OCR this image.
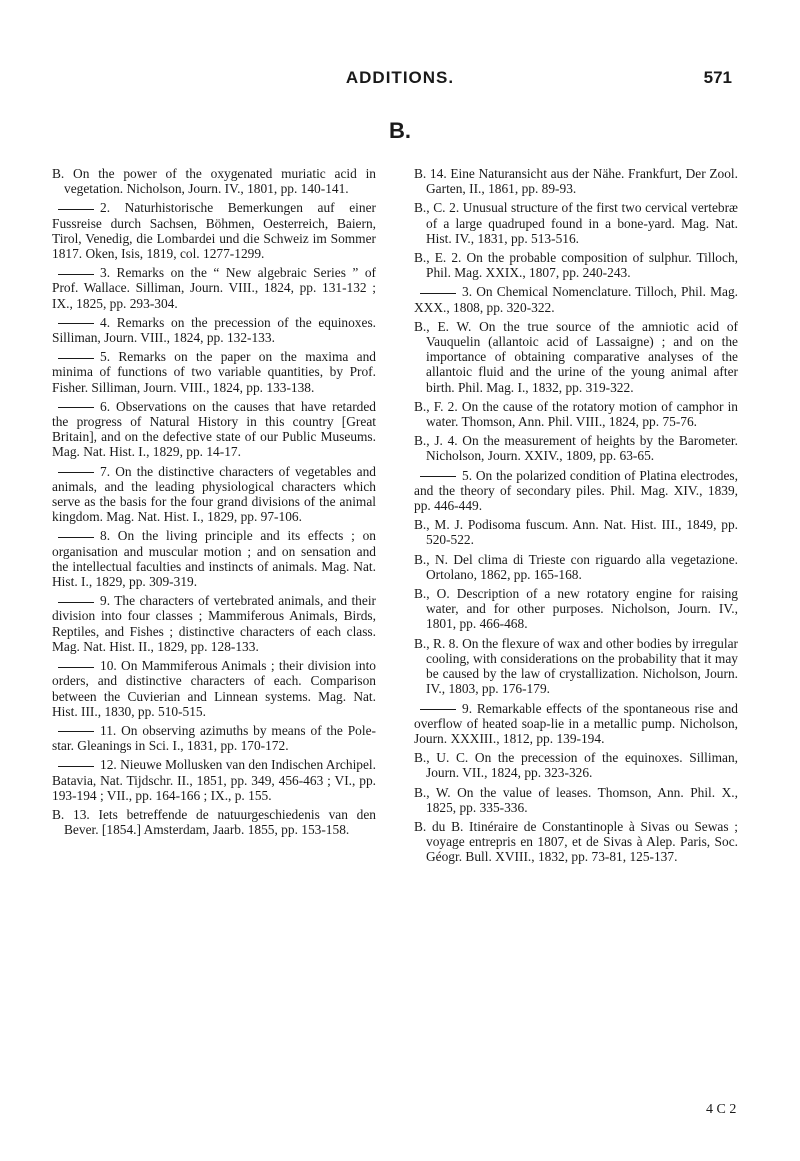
ADDITIONS.	571
B.

B. On the power of the oxygenated muriatic acid in vegetation. Nicholson, Journ. IV., 1801, pp. 140-141.

2. Naturhistorische Bemerkungen auf einer Fussreise durch Sachsen, Böhmen, Oesterreich, Baiern, Tirol, Venedig, die Lombardei und die Schweiz im Sommer 1817. Oken, Isis, 1819, col. 1277-1299.

3. Remarks on the “ New algebraic Series ” of Prof. Wallace. Silliman, Journ. VIII., 1824, pp. 131-132 ; IX., 1825, pp. 293-304.

4. Remarks on the precession of the equinoxes. Silliman, Journ. VIII., 1824, pp. 132-133.

5. Remarks on the paper on the maxima and minima of functions of two variable quantities, by Prof. Fisher. Silliman, Journ. VIII., 1824, pp. 133-138.

6. Observations on the causes that have retarded the progress of Natural History in this country [Great Britain], and on the defective state of our Public Museums. Mag. Nat. Hist. I., 1829, pp. 14-17.

7. On the distinctive characters of vegetables and animals, and the leading physiological characters which serve as the basis for the four grand divisions of the animal kingdom. Mag. Nat. Hist. I., 1829, pp. 97-106.

8. On the living principle and its effects ; on organisation and muscular motion ; and on sensation and the intellectual faculties and instincts of animals. Mag. Nat. Hist. I., 1829, pp. 309-319.

9. The characters of vertebrated animals, and their division into four classes ; Mammiferous Animals, Birds, Reptiles, and Fishes ; distinctive characters of each class. Mag. Nat. Hist. II., 1829, pp. 128-133.

10. On Mammiferous Animals ; their division into orders, and distinctive characters of each. Comparison between the Cuvierian and Linnean systems. Mag. Nat. Hist. III., 1830, pp. 510-515.

11. On observing azimuths by means of the Pole-star. Gleanings in Sci. I., 1831, pp. 170-172.

12. Nieuwe Mollusken van den Indischen Archipel. Batavia, Nat. Tijdschr. II., 1851, pp. 349, 456-463 ; VI., pp. 193-194 ; VII., pp. 164-166 ; IX., p. 155.

B. 13. Iets betreffende de natuurgeschiedenis van den Bever. [1854.] Amsterdam, Jaarb. 1855, pp. 153-158.

B. 14. Eine Naturansicht aus der Nähe. Frankfurt, Der Zool. Garten, II., 1861, pp. 89-93.

B., C. 2. Unusual structure of the first two cervical vertebræ of a large quadruped found in a bone-yard. Mag. Nat. Hist. IV., 1831, pp. 513-516.

B., E. 2. On the probable composition of sulphur. Tilloch, Phil. Mag. XXIX., 1807, pp. 240-243.

3. On Chemical Nomenclature. Tilloch, Phil. Mag. XXX., 1808, pp. 320-322.

B., E. W. On the true source of the amniotic acid of Vauquelin (allantoic acid of Lassaigne) ; and on the importance of obtaining comparative analyses of the allantoic fluid and the urine of the young animal after birth. Phil. Mag. I., 1832, pp. 319-322.

B., F. 2. On the cause of the rotatory motion of camphor in water. Thomson, Ann. Phil. VIII., 1824, pp. 75-76.

B., J. 4. On the measurement of heights by the Barometer. Nicholson, Journ. XXIV., 1809, pp. 63-65.

5. On the polarized condition of Platina electrodes, and the theory of secondary piles. Phil. Mag. XIV., 1839, pp. 446-449.

B., M. J. Podisoma fuscum. Ann. Nat. Hist. III., 1849, pp. 520-522.

B., N. Del clima di Trieste con riguardo alla vegetazione. Ortolano, 1862, pp. 165-168.

B., O. Description of a new rotatory engine for raising water, and for other purposes. Nicholson, Journ. IV., 1801, pp. 466-468.

B., R. 8. On the flexure of wax and other bodies by irregular cooling, with considerations on the probability that it may be caused by the law of crystallization. Nicholson, Journ. IV., 1803, pp. 176-179.

9. Remarkable effects of the spontaneous rise and overflow of heated soap-lie in a metallic pump. Nicholson, Journ. XXXIII., 1812, pp. 139-194.

B., U. C. On the precession of the equinoxes. Silliman, Journ. VII., 1824, pp. 323-326.

B., W. On the value of leases. Thomson, Ann. Phil. X., 1825, pp. 335-336.

B. du B. Itinéraire de Constantinople à Sivas ou Sewas ; voyage entrepris en 1807, et de Sivas à Alep. Paris, Soc. Géogr. Bull. XVIII., 1832, pp. 73-81, 125-137.

4 C 2
